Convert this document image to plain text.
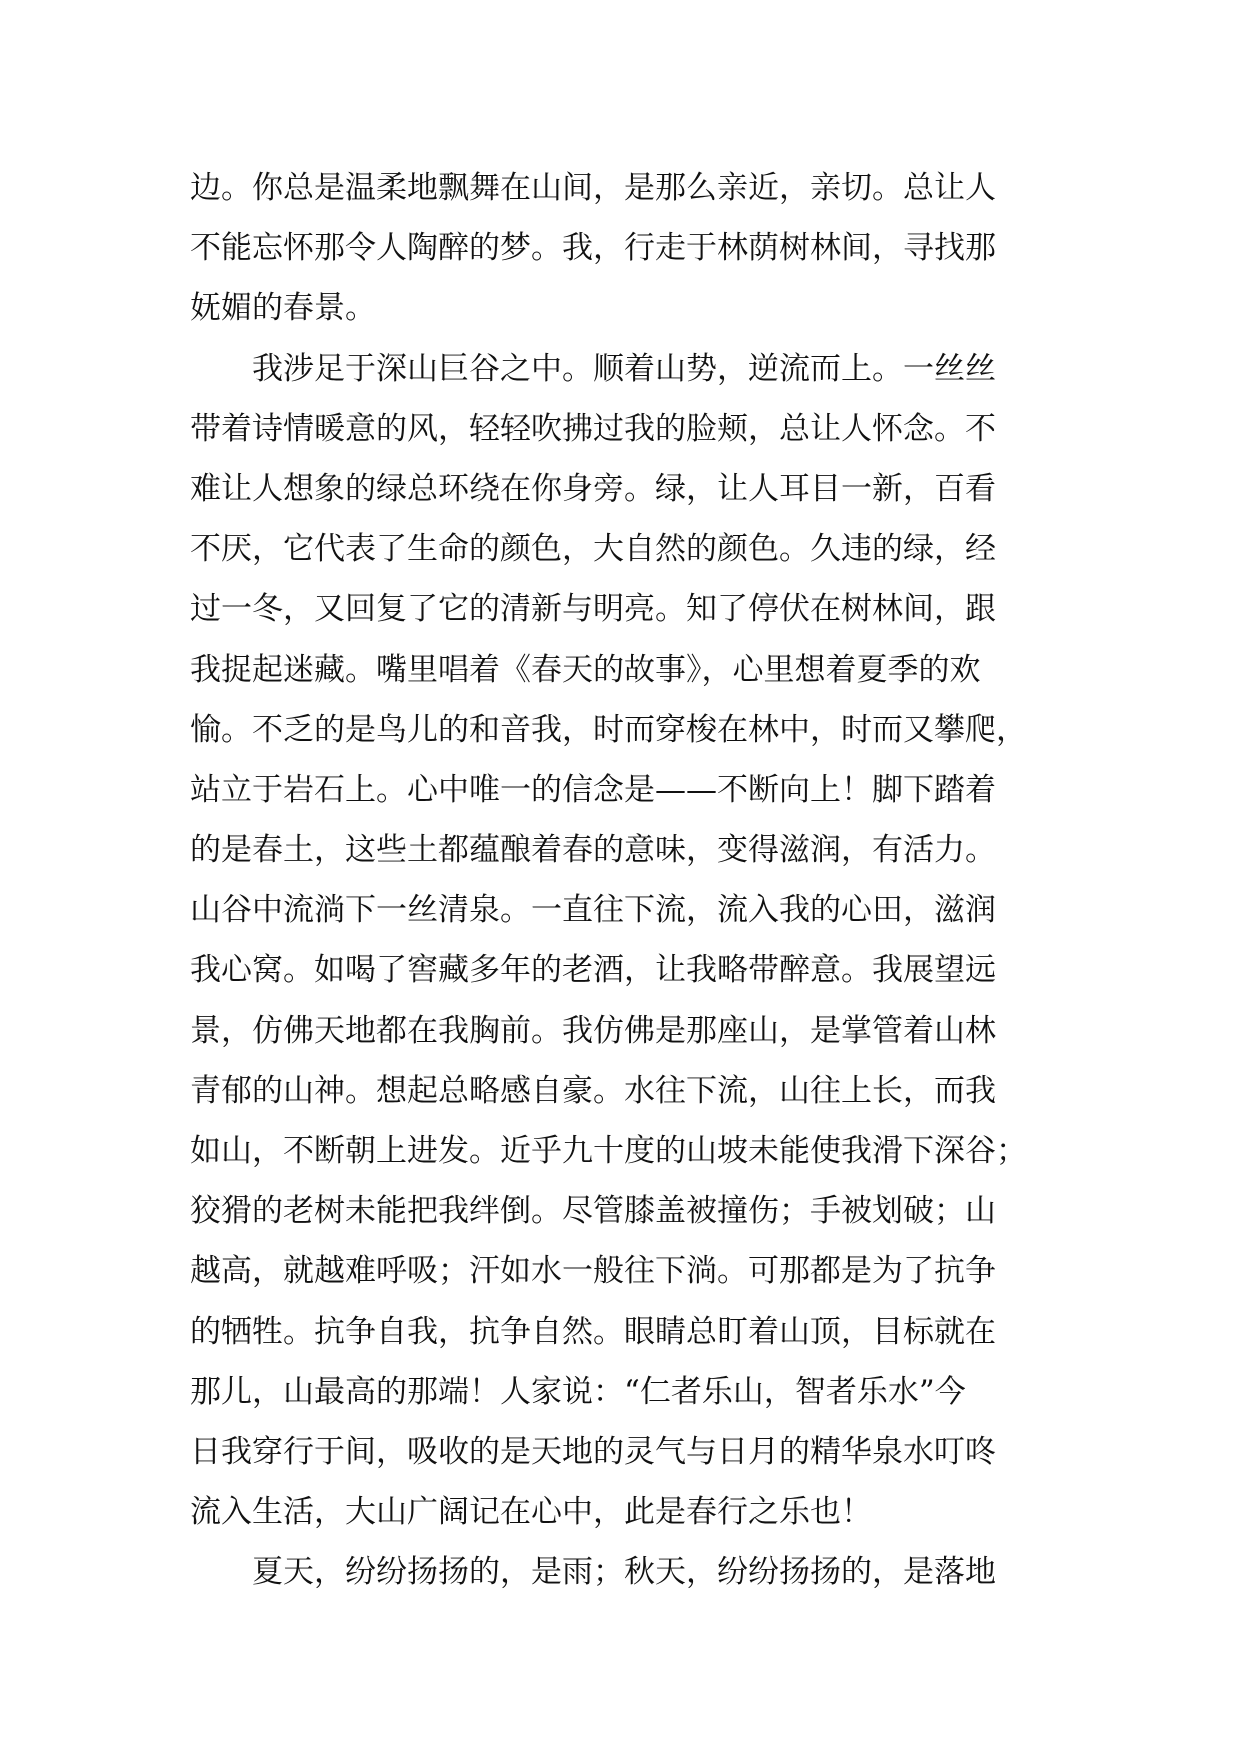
边。你总是温柔地飘舞在山间，是那么亲近，亲切。总让人
不能忘怀那令人陶醉的梦。我，行走于林荫树林间，寻找那
妩媚的春景。
我涉足于深山巨谷之中。顺着山势，逆流而上。一丝丝
带着诗情暖意的风，轻轻吹拂过我的脸颊，总让人怀念。不
难让人想象的绿总环绕在你身旁。绿，让人耳目一新，百看
不厌，它代表了生命的颜色，大自然的颜色。久违的绿，经
过一冬，又回复了它的清新与明亮。知了停伏在树林间，跟
我捉起迷藏。嘴里唱着《春天的故事》，心里想着夏季的欢
愉。不乏的是鸟儿的和音我，时而穿梭在林中，时而又攀爬，
站立于岩石上。心中唯一的信念是——不断向上！脚下踏着
的是春土，这些土都蕴酿着春的意味，变得滋润，有活力。
山谷中流淌下一丝清泉。一直往下流，流入我的心田，滋润
我心窝。如喝了窖藏多年的老酒，让我略带醉意。我展望远
景，仿佛天地都在我胸前。我仿佛是那座山，是掌管着山林
青郁的山神。想起总略感自豪。水往下流，山往上长，而我
如山，不断朝上进发。近乎九十度的山坡未能使我滑下深谷；
狡猾的老树未能把我绊倒。尽管膝盖被撞伤；手被划破；山
越高，就越难呼吸；汗如水一般往下淌。可那都是为了抗争
的牺牲。抗争自我，抗争自然。眼睛总盯着山顶，目标就在
那儿，山最高的那端！人家说：“仁者乐山，智者乐水”今
日我穿行于间，吸收的是天地的灵气与日月的精华泉水叮咚
流入生活，大山广阔记在心中，此是春行之乐也！
夏天，纷纷扬扬的，是雨；秋天，纷纷扬扬的，是落地
